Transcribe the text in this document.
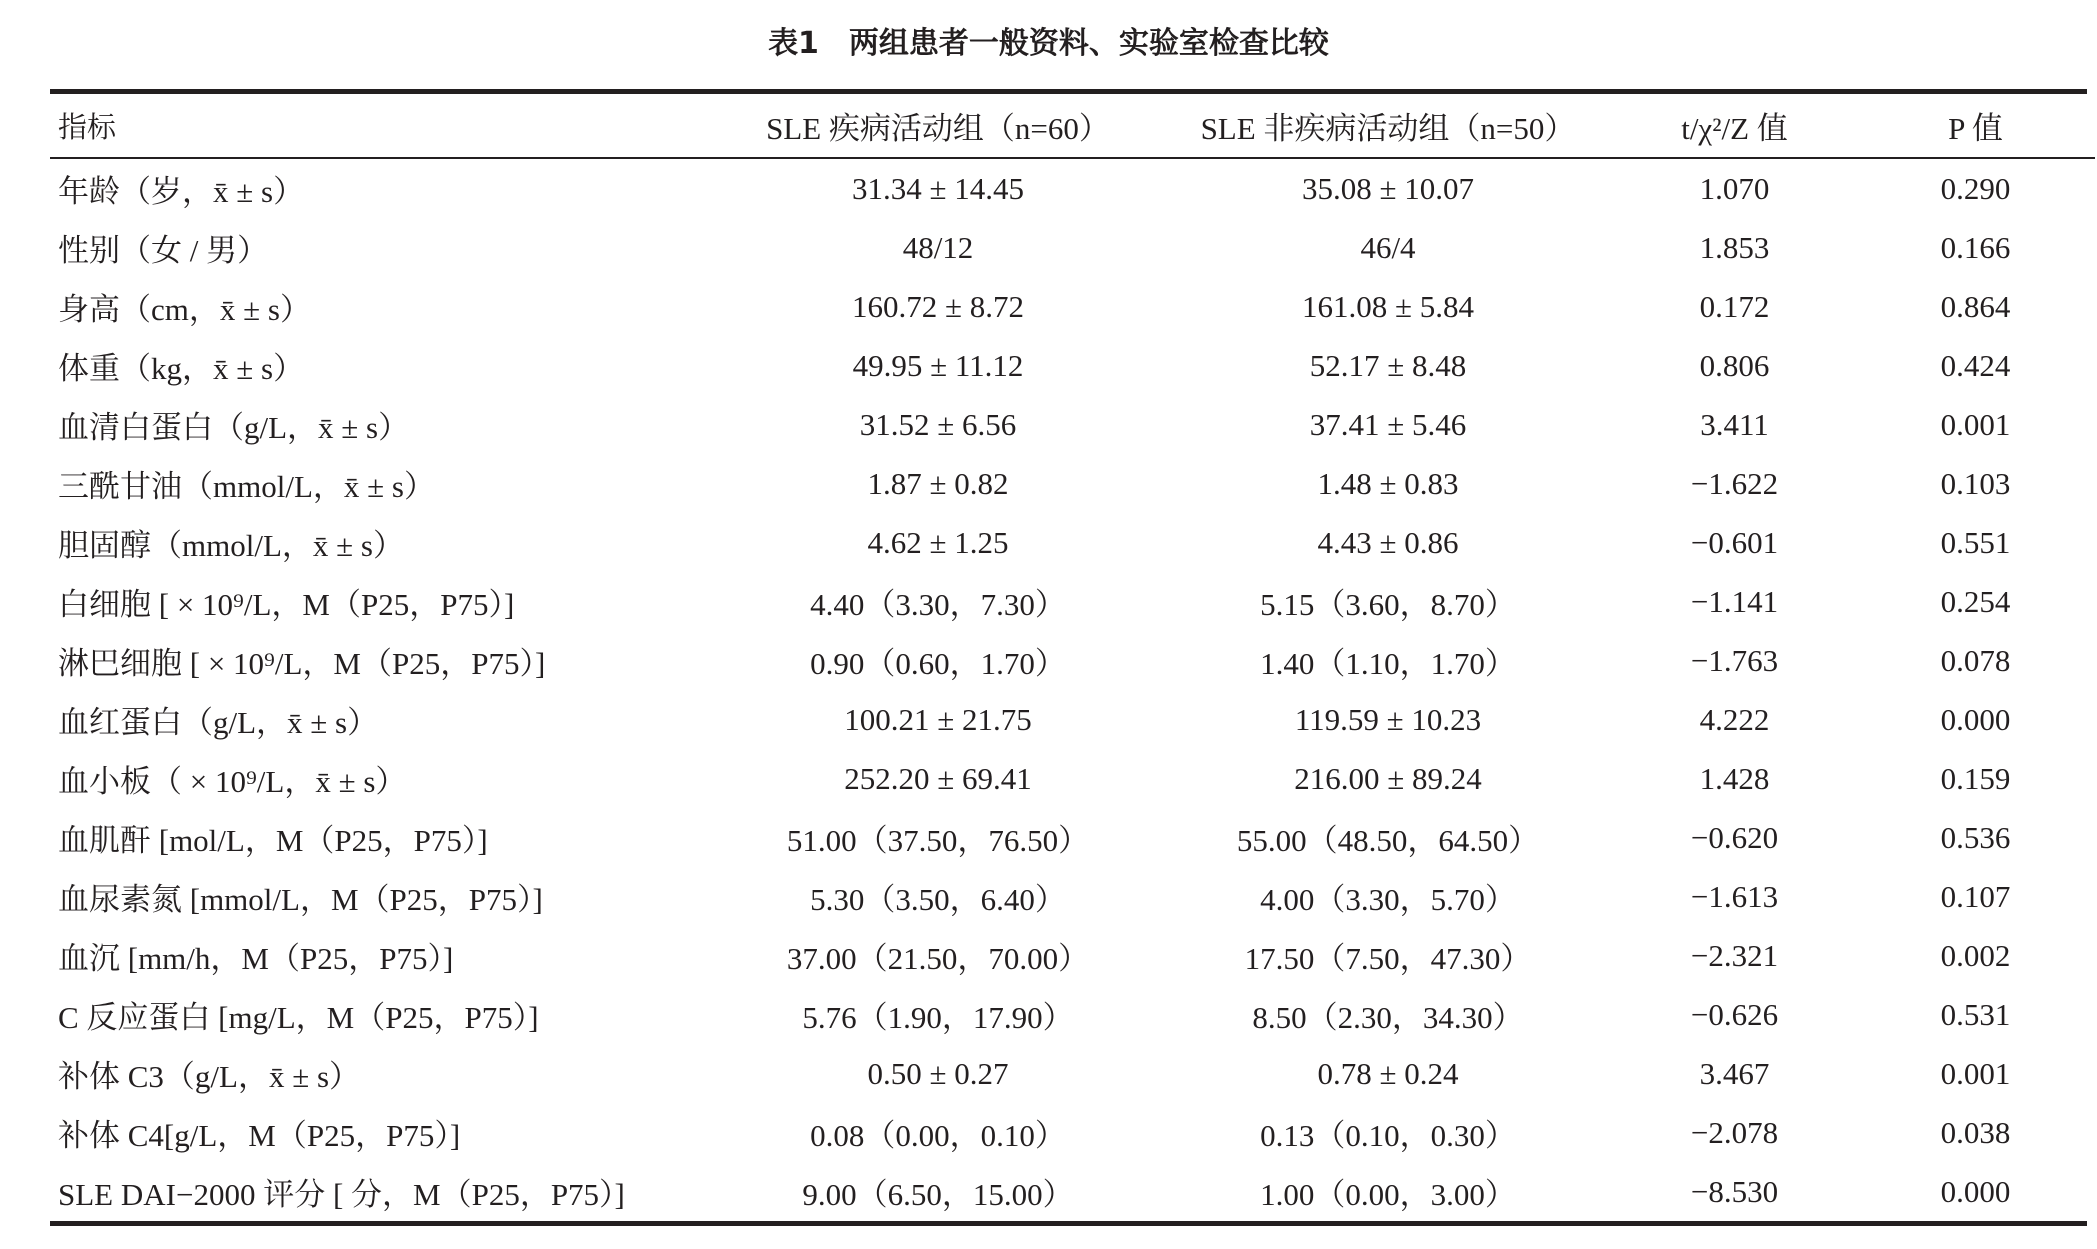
表1　两组患者一般资料、实验室检查比较
指标	SLE 疾病活动组（n=60）	SLE 非疾病活动组（n=50）	t/χ²/Z 值	P 值
年龄（岁，x̄ ± s）	31.34 ± 14.45	35.08 ± 10.07	1.070	0.290
性别（女 / 男）	48/12	46/4	1.853	0.166
身高（cm，x̄ ± s）	160.72 ± 8.72	161.08 ± 5.84	0.172	0.864
体重（kg，x̄ ± s）	49.95 ± 11.12	52.17 ± 8.48	0.806	0.424
血清白蛋白（g/L，x̄ ± s）	31.52 ± 6.56	37.41 ± 5.46	3.411	0.001
三酰甘油（mmol/L，x̄ ± s）	1.87 ± 0.82	1.48 ± 0.83	−1.622	0.103
胆固醇（mmol/L，x̄ ± s）	4.62 ± 1.25	4.43 ± 0.86	−0.601	0.551
白细胞 [ × 10⁹/L，M（P25，P75）]	4.40（3.30，7.30）	5.15（3.60，8.70）	−1.141	0.254
淋巴细胞 [ × 10⁹/L，M（P25，P75）]	0.90（0.60，1.70）	1.40（1.10，1.70）	−1.763	0.078
血红蛋白（g/L，x̄ ± s）	100.21 ± 21.75	119.59 ± 10.23	4.222	0.000
血小板（ × 10⁹/L，x̄ ± s）	252.20 ± 69.41	216.00 ± 89.24	1.428	0.159
血肌酐 [mol/L，M（P25，P75）]	51.00（37.50，76.50）	55.00（48.50，64.50）	−0.620	0.536
血尿素氮 [mmol/L，M（P25，P75）]	5.30（3.50，6.40）	4.00（3.30，5.70）	−1.613	0.107
血沉 [mm/h，M（P25，P75）]	37.00（21.50，70.00）	17.50（7.50，47.30）	−2.321	0.002
C 反应蛋白 [mg/L，M（P25，P75）]	5.76（1.90，17.90）	8.50（2.30，34.30）	−0.626	0.531
补体 C3（g/L，x̄ ± s）	0.50 ± 0.27	0.78 ± 0.24	3.467	0.001
补体 C4[g/L，M（P25，P75）]	0.08（0.00，0.10）	0.13（0.10，0.30）	−2.078	0.038
SLE DAI−2000 评分 [ 分，M（P25，P75）]	9.00（6.50，15.00）	1.00（0.00，3.00）	−8.530	0.000
